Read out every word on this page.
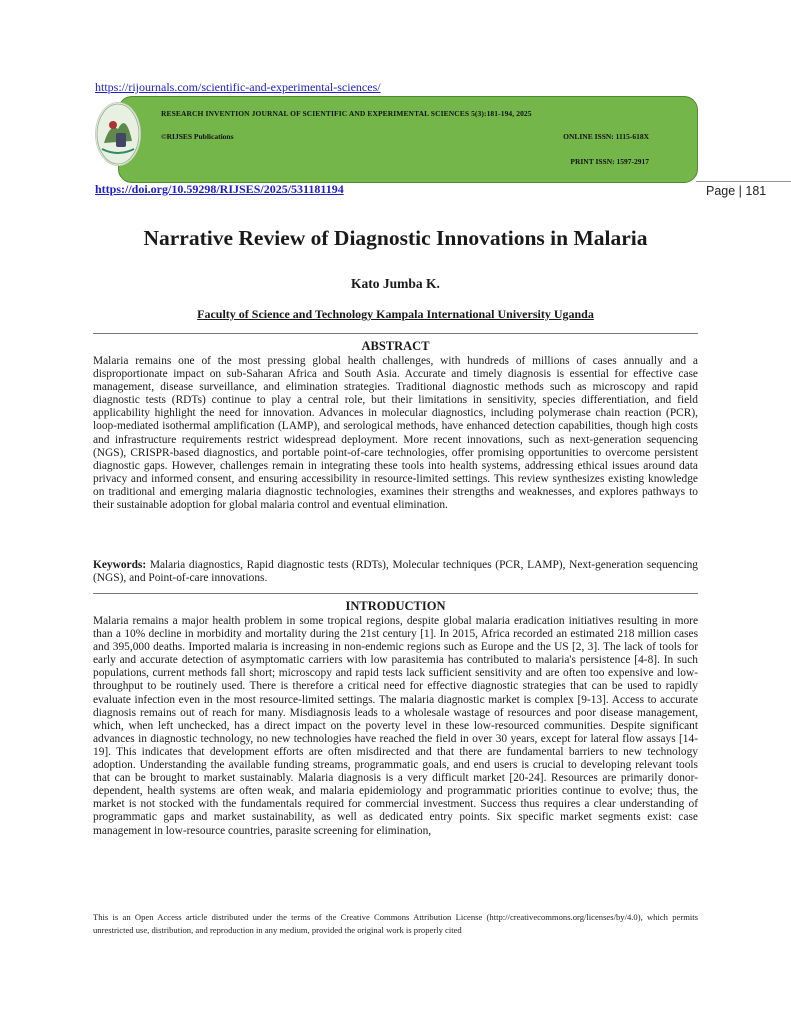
https://rijournals.com/scientific-and-experimental-sciences/
RESEARCH INVENTION JOURNAL OF SCIENTIFIC AND EXPERIMENTAL SCIENCES 5(3):181-194, 2025
©RIJSES Publications	ONLINE ISSN: 1115-618X
PRINT ISSN: 1597-2917
https://doi.org/10.59298/RIJSES/2025/531181194	Page | 181
Narrative Review of Diagnostic Innovations in Malaria
Kato Jumba K.
Faculty of Science and Technology Kampala International University Uganda
ABSTRACT

Malaria remains one of the most pressing global health challenges, with hundreds of millions of cases annually and a disproportionate impact on sub-Saharan Africa and South Asia. Accurate and timely diagnosis is essential for effective case management, disease surveillance, and elimination strategies. Traditional diagnostic methods such as microscopy and rapid diagnostic tests (RDTs) continue to play a central role, but their limitations in sensitivity, species differentiation, and field applicability highlight the need for innovation. Advances in molecular diagnostics, including polymerase chain reaction (PCR), loop-mediated isothermal amplification (LAMP), and serological methods, have enhanced detection capabilities, though high costs and infrastructure requirements restrict widespread deployment. More recent innovations, such as next-generation sequencing (NGS), CRISPR-based diagnostics, and portable point-of-care technologies, offer promising opportunities to overcome persistent diagnostic gaps. However, challenges remain in integrating these tools into health systems, addressing ethical issues around data privacy and informed consent, and ensuring accessibility in resource-limited settings. This review synthesizes existing knowledge on traditional and emerging malaria diagnostic technologies, examines their strengths and weaknesses, and explores pathways to their sustainable adoption for global malaria control and eventual elimination.

Keywords: Malaria diagnostics, Rapid diagnostic tests (RDTs), Molecular techniques (PCR, LAMP), Next-generation sequencing (NGS), and Point-of-care innovations.

INTRODUCTION

Malaria remains a major health problem in some tropical regions, despite global malaria eradication initiatives resulting in more than a 10% decline in morbidity and mortality during the 21st century [1]. In 2015, Africa recorded an estimated 218 million cases and 395,000 deaths. Imported malaria is increasing in non-endemic regions such as Europe and the US [2, 3]. The lack of tools for early and accurate detection of asymptomatic carriers with low parasitemia has contributed to malaria's persistence [4-8]. In such populations, current methods fall short; microscopy and rapid tests lack sufficient sensitivity and are often too expensive and low-throughput to be routinely used. There is therefore a critical need for effective diagnostic strategies that can be used to rapidly evaluate infection even in the most resource-limited settings. The malaria diagnostic market is complex [9-13]. Access to accurate diagnosis remains out of reach for many. Misdiagnosis leads to a wholesale wastage of resources and poor disease management, which, when left unchecked, has a direct impact on the poverty level in these low-resourced communities. Despite significant advances in diagnostic technology, no new technologies have reached the field in over 30 years, except for lateral flow assays [14-19]. This indicates that development efforts are often misdirected and that there are fundamental barriers to new technology adoption. Understanding the available funding streams, programmatic goals, and end users is crucial to developing relevant tools that can be brought to market sustainably. Malaria diagnosis is a very difficult market [20-24]. Resources are primarily donor-dependent, health systems are often weak, and malaria epidemiology and programmatic priorities continue to evolve; thus, the market is not stocked with the fundamentals required for commercial investment. Success thus requires a clear understanding of programmatic gaps and market sustainability, as well as dedicated entry points. Six specific market segments exist: case management in low-resource countries, parasite screening for elimination,

This is an Open Access article distributed under the terms of the Creative Commons Attribution License (http://creativecommons.org/licenses/by/4.0), which permits unrestricted use, distribution, and reproduction in any medium, provided the original work is properly cited
